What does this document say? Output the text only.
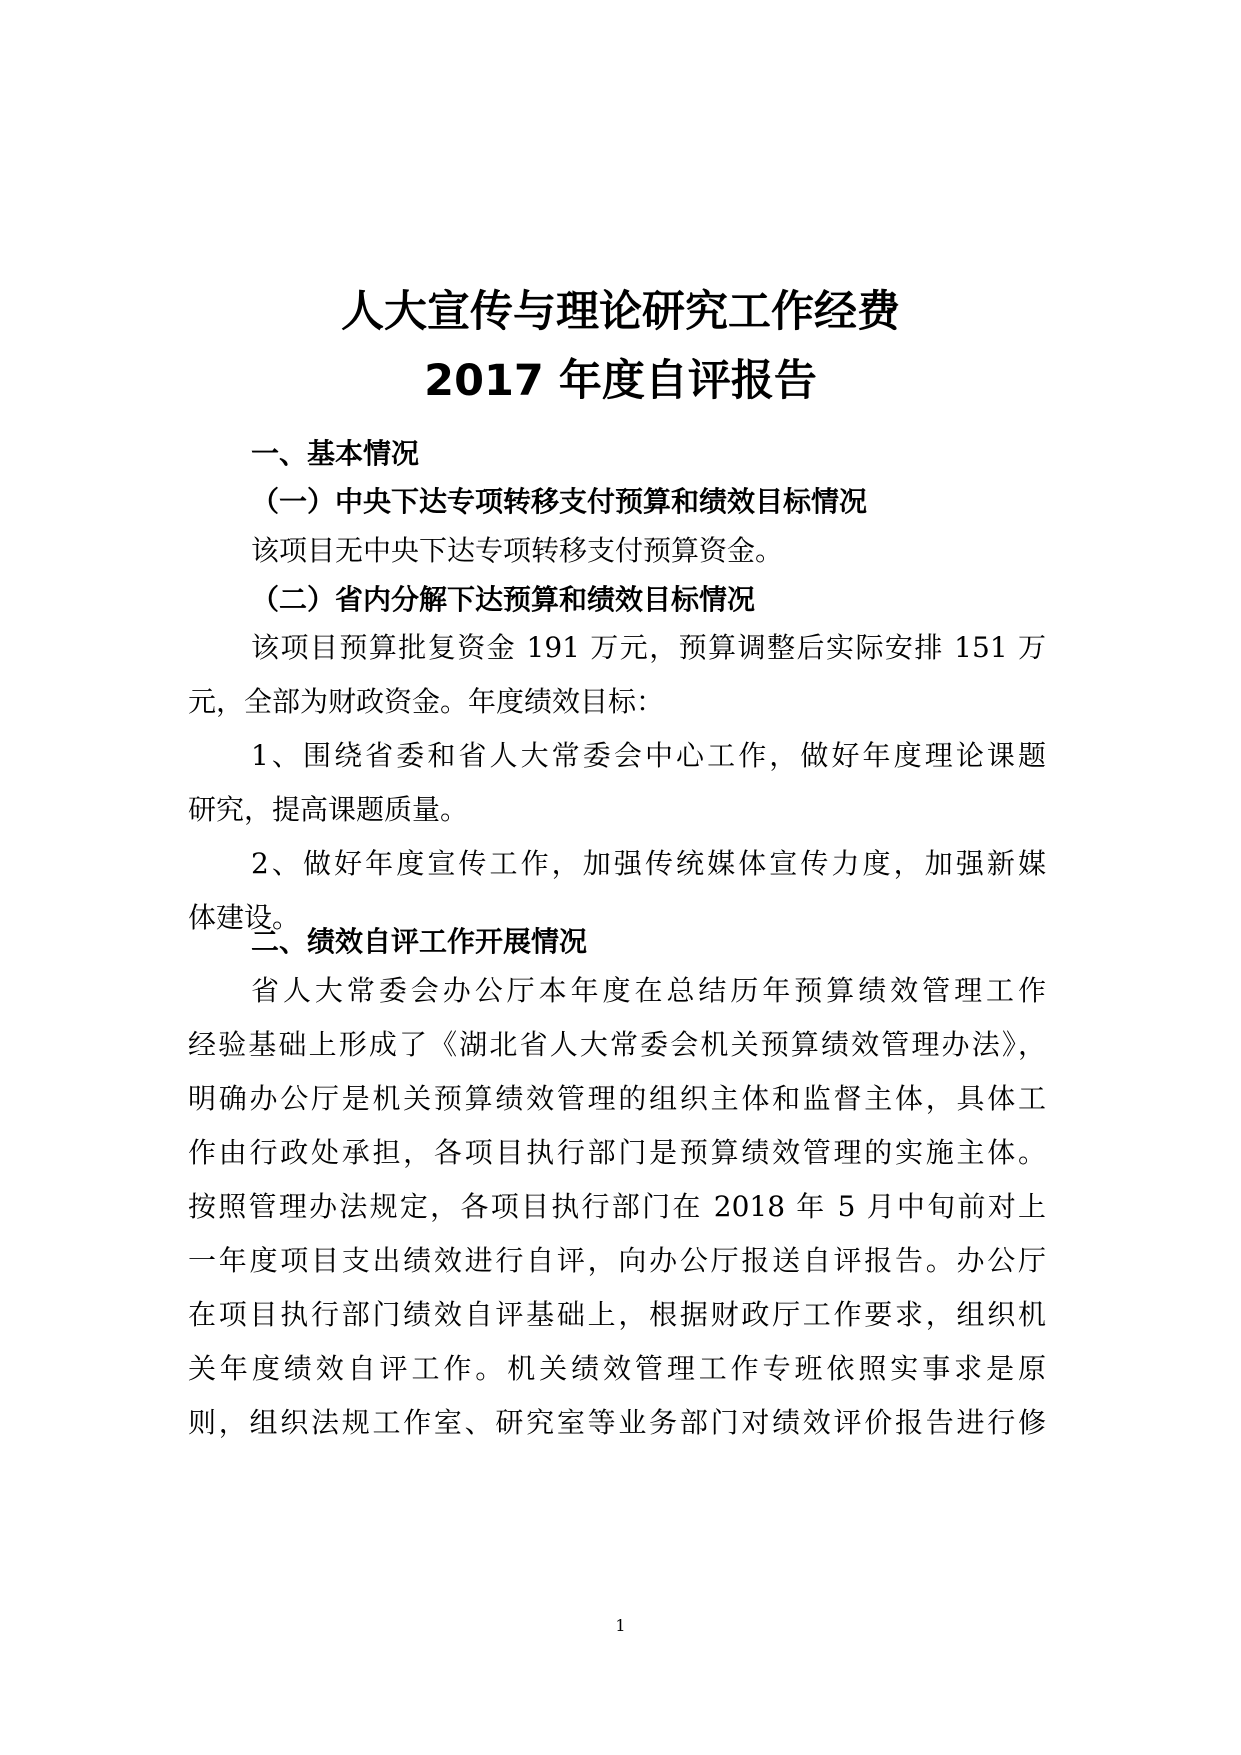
人大宣传与理论研究工作经费
2017 年度自评报告
一、基本情况
（一）中央下达专项转移支付预算和绩效目标情况
该项目无中央下达专项转移支付预算资金。
（二）省内分解下达预算和绩效目标情况
该项目预算批复资金 191 万元，预算调整后实际安排 151 万
元，全部为财政资金。年度绩效目标：
1、围绕省委和省人大常委会中心工作，做好年度理论课题
研究，提高课题质量。
2、做好年度宣传工作，加强传统媒体宣传力度，加强新媒
体建设。
二、绩效自评工作开展情况
省人大常委会办公厅本年度在总结历年预算绩效管理工作
经验基础上形成了《湖北省人大常委会机关预算绩效管理办法》，
明确办公厅是机关预算绩效管理的组织主体和监督主体，具体工
作由行政处承担，各项目执行部门是预算绩效管理的实施主体。
按照管理办法规定，各项目执行部门在 2018 年 5 月中旬前对上
一年度项目支出绩效进行自评，向办公厅报送自评报告。办公厅
在项目执行部门绩效自评基础上，根据财政厅工作要求，组织机
关年度绩效自评工作。机关绩效管理工作专班依照实事求是原
则，组织法规工作室、研究室等业务部门对绩效评价报告进行修
1
